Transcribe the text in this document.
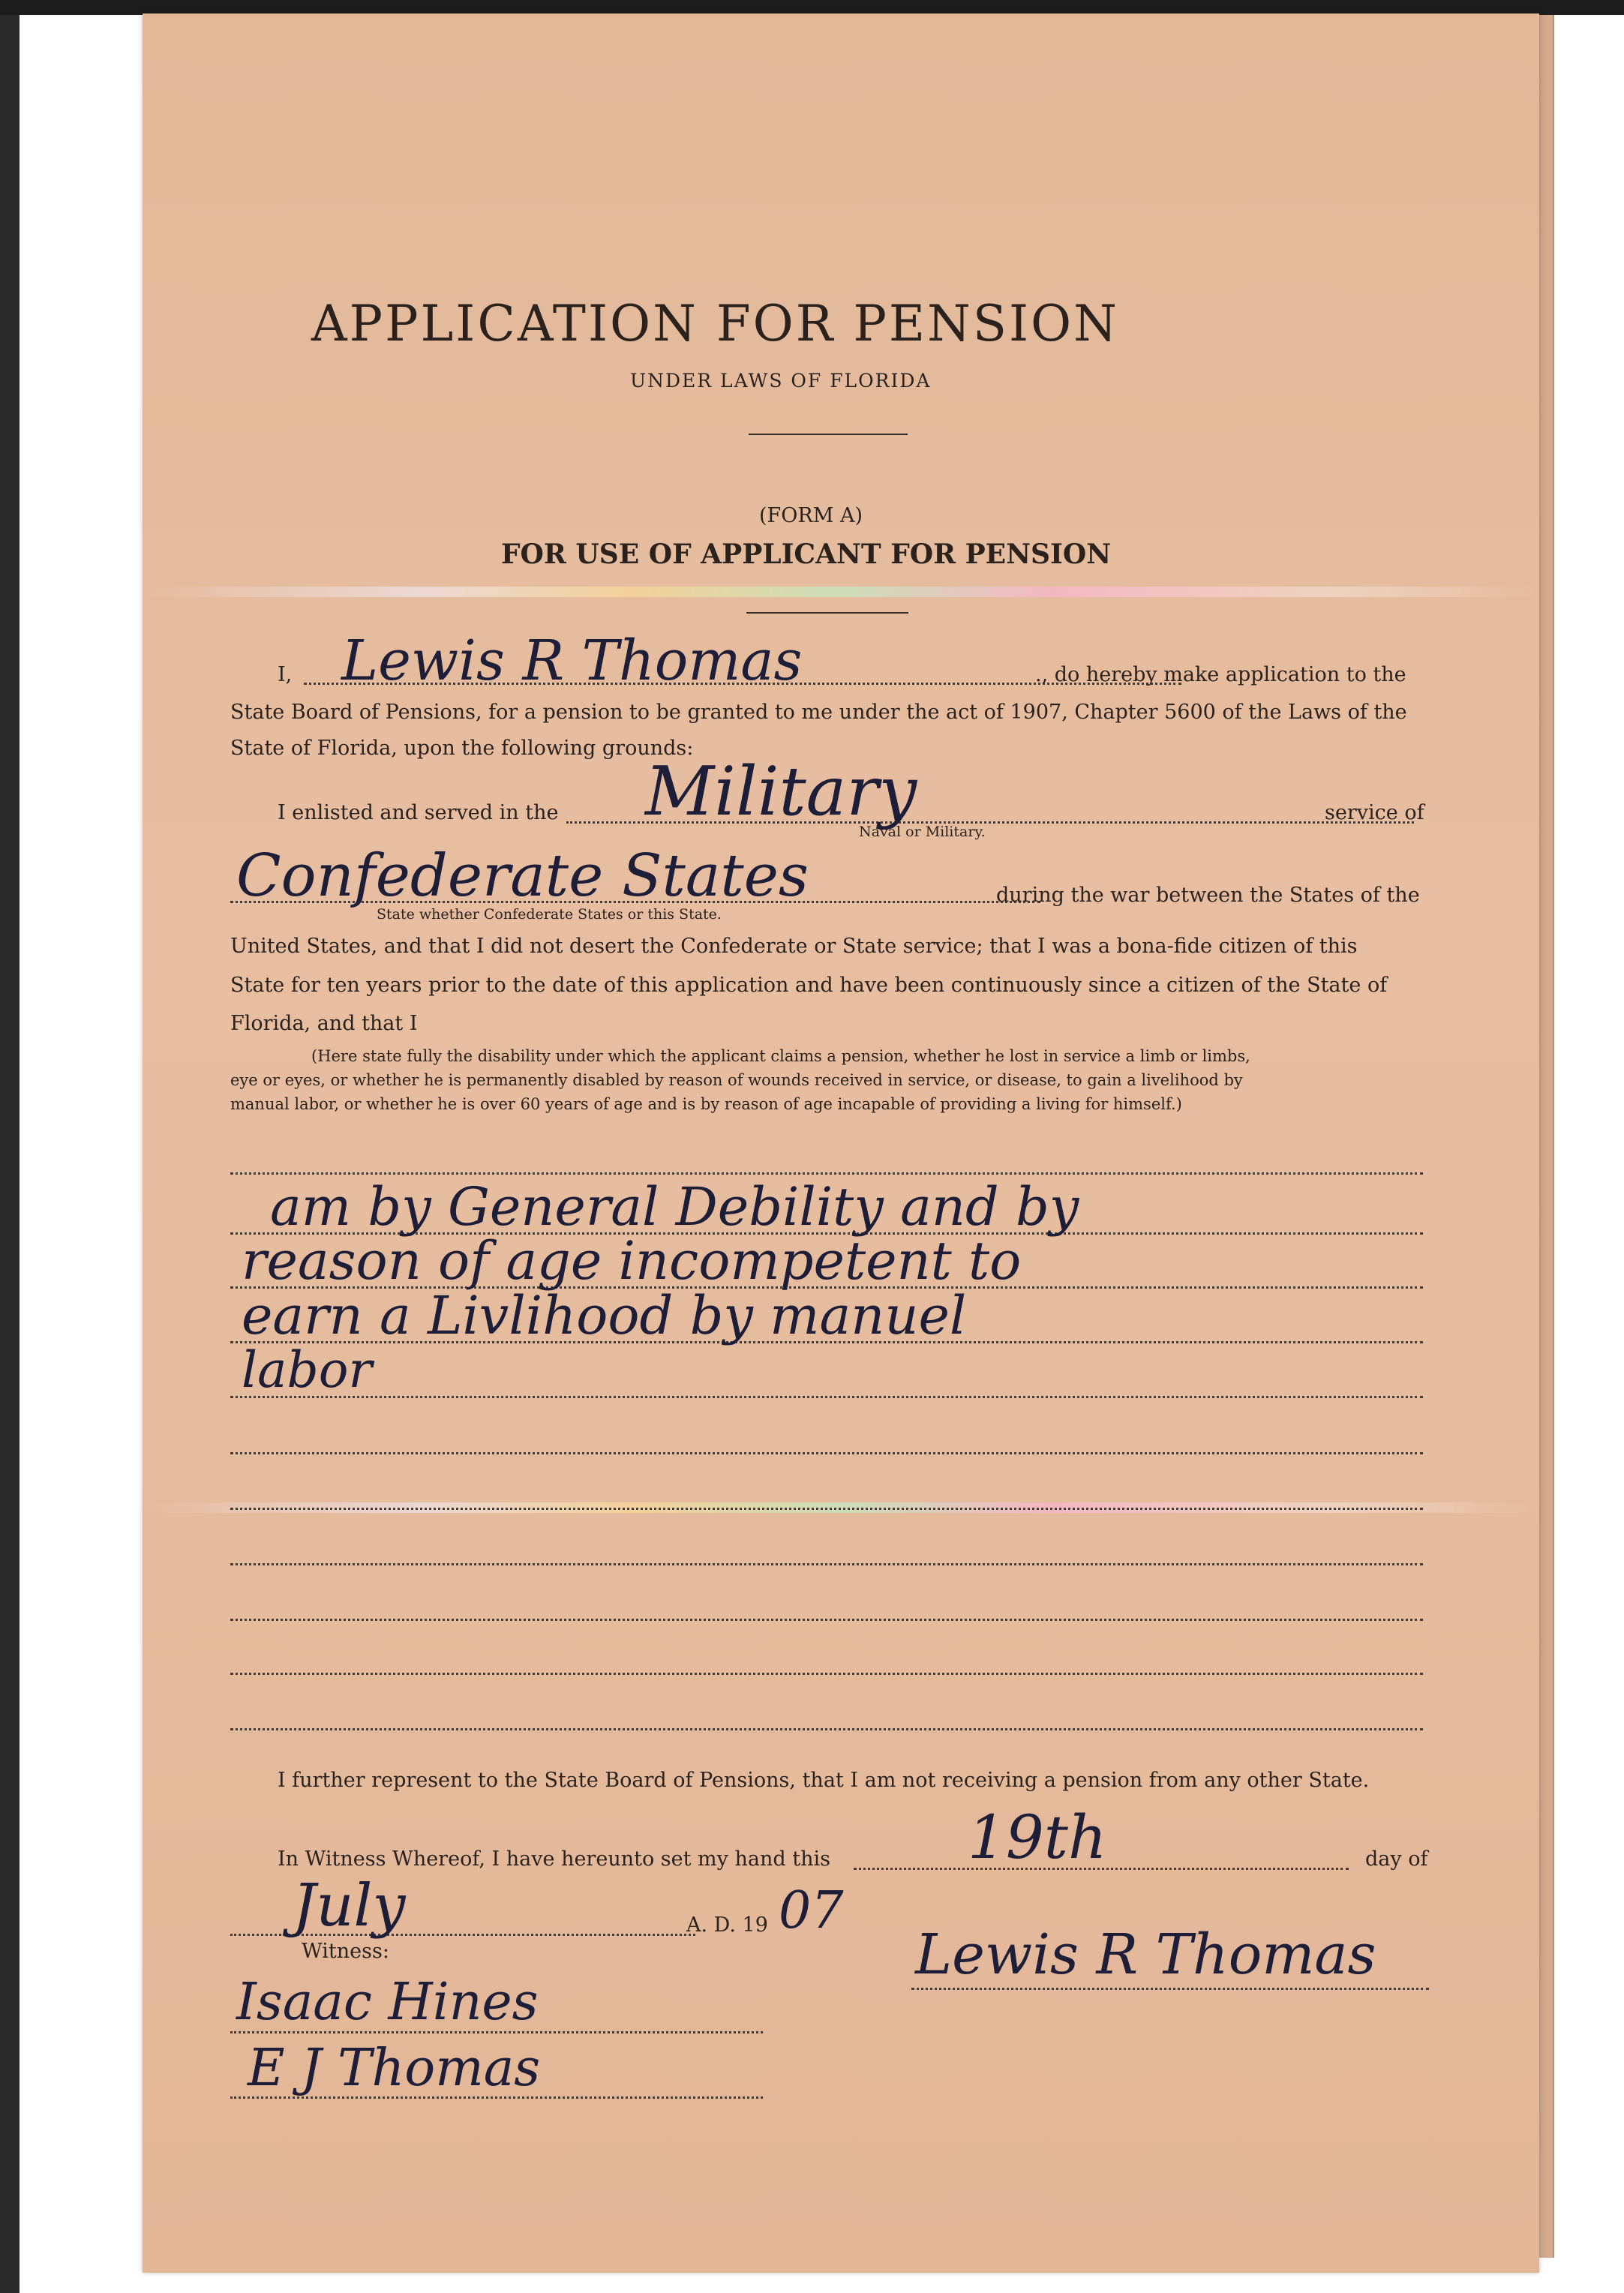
APPLICATION FOR PENSION
UNDER LAWS OF FLORIDA
(FORM A)
FOR USE OF APPLICANT FOR PENSION
I, Lewis R Thomas	., do hereby make application to the
State Board of Pensions, for a pension to be granted to me under the act of 1907, Chapter 5600 of the Laws of the
State of Florida, upon the following grounds:
I enlisted and served in the Military	service of
Naval or Military.
Confederate States	during the war between the States of the
State whether Confederate States or this State.
United States, and that I did not desert the Confederate or State service; that I was a bona-fide citizen of this
State for ten years prior to the date of this application and have been continuously since a citizen of the State of
Florida, and that I
(Here state fully the disability under which the applicant claims a pension, whether he lost in service a limb or limbs,
eye or eyes, or whether he is permanently disabled by reason of wounds received in service, or disease, to gain a livelihood by
manual labor, or whether he is over 60 years of age and is by reason of age incapable of providing a living for himself.)
am by General Debility and by
reason of age incompetent to
earn a Livlihood by manuel
labor
I further represent to the State Board of Pensions, that I am not receiving a pension from any other State.
In Witness Whereof, I have hereunto set my hand this 19th	day of
July	A. D. 19 07
Witness:
Isaac Hines
E J Thomas
Lewis R Thomas
